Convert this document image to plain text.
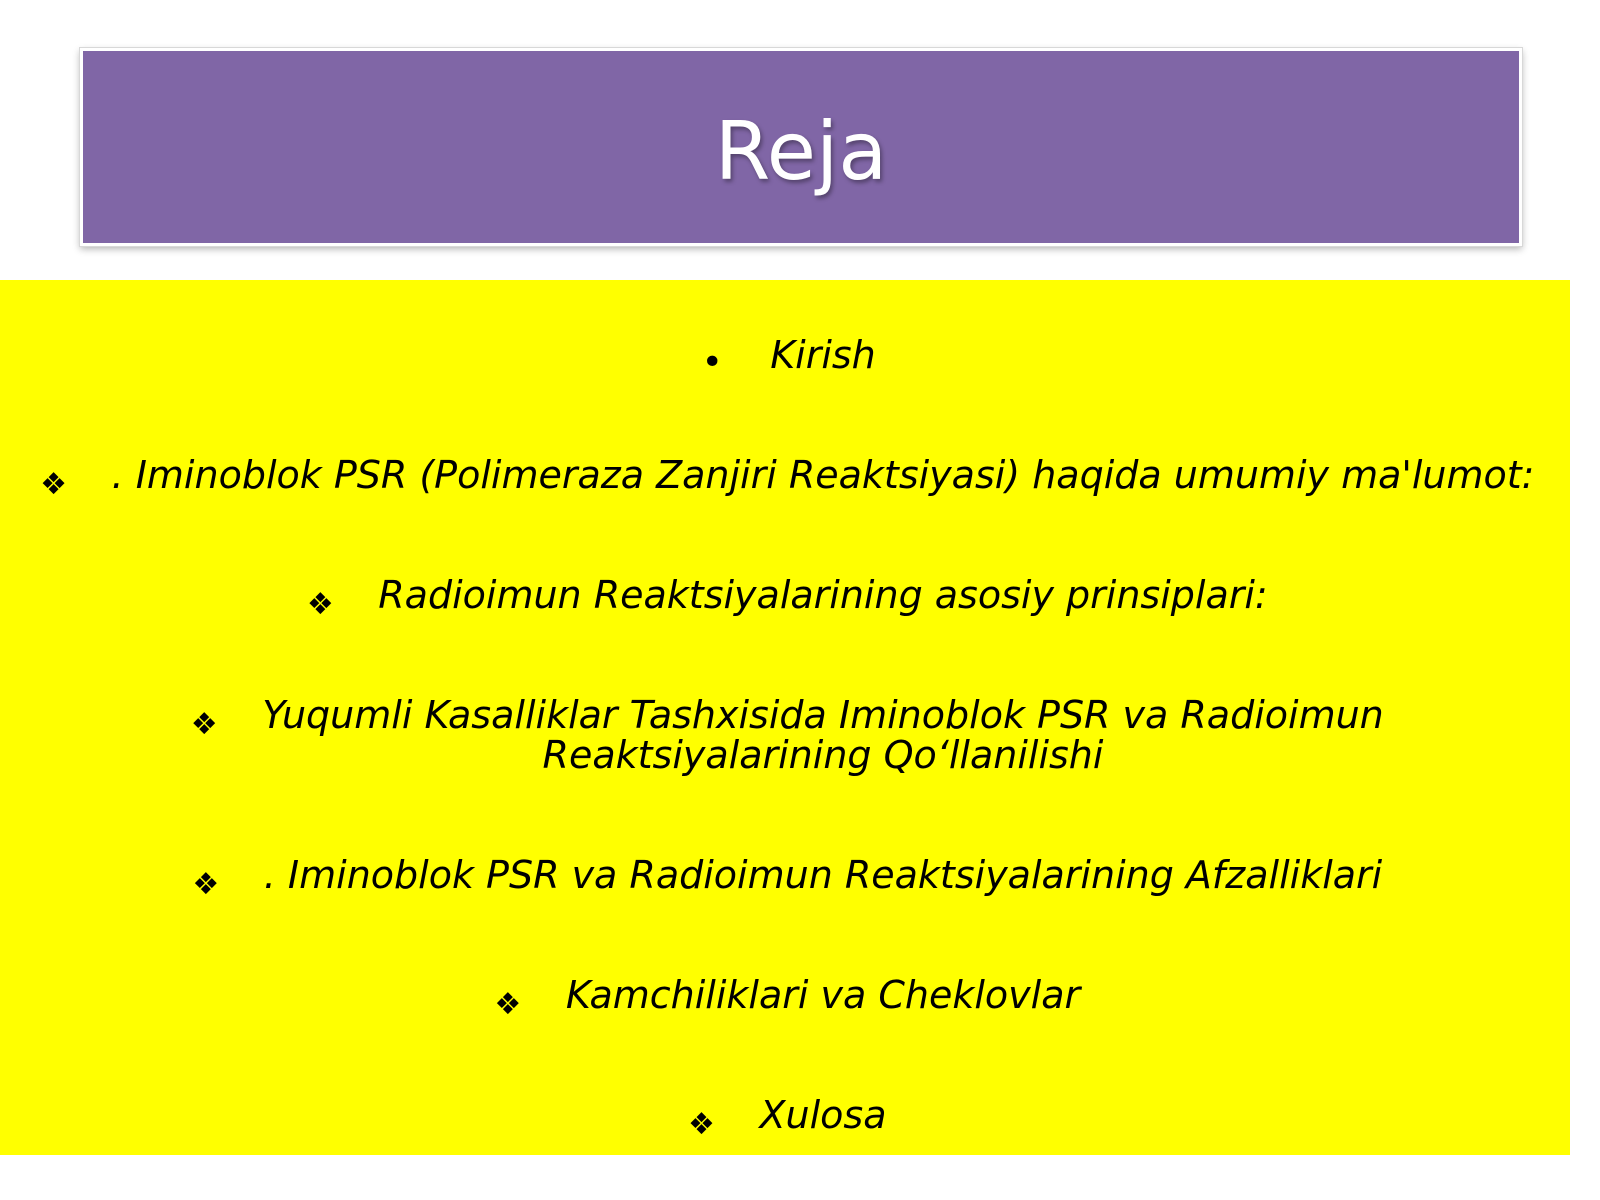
Reja
• Kirish
❖ . Iminoblok PSR (Polimeraza Zanjiri Reaktsiyasi) haqida umumiy ma'lumot:
❖ Radioimun Reaktsiyalarining asosiy prinsiplari:
❖ Yuqumli Kasalliklar Tashxisida Iminoblok PSR va Radioimun
Reaktsiyalarining Qo‘llanilishi
❖ . Iminoblok PSR va Radioimun Reaktsiyalarining Afzalliklari
❖ Kamchiliklari va Cheklovlar
❖ Xulosa
